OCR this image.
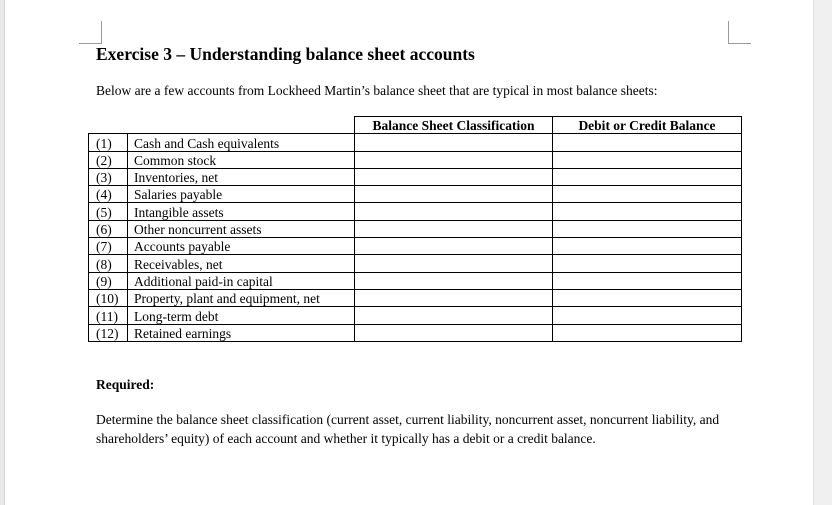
Exercise 3 – Understanding balance sheet accounts

Below are a few accounts from Lockheed Martin’s balance sheet that are typical in most balance sheets:

		Balance Sheet Classification	Debit or Credit Balance
(1)	Cash and Cash equivalents		
(2)	Common stock		
(3)	Inventories, net		
(4)	Salaries payable		
(5)	Intangible assets		
(6)	Other noncurrent assets		
(7)	Accounts payable		
(8)	Receivables, net		
(9)	Additional paid-in capital		
(10)	Property, plant and equipment, net		
(11)	Long-term debt		
(12)	Retained earnings		

Required:

Determine the balance sheet classification (current asset, current liability, noncurrent asset, noncurrent liability, and shareholders’ equity) of each account and whether it typically has a debit or a credit balance.
